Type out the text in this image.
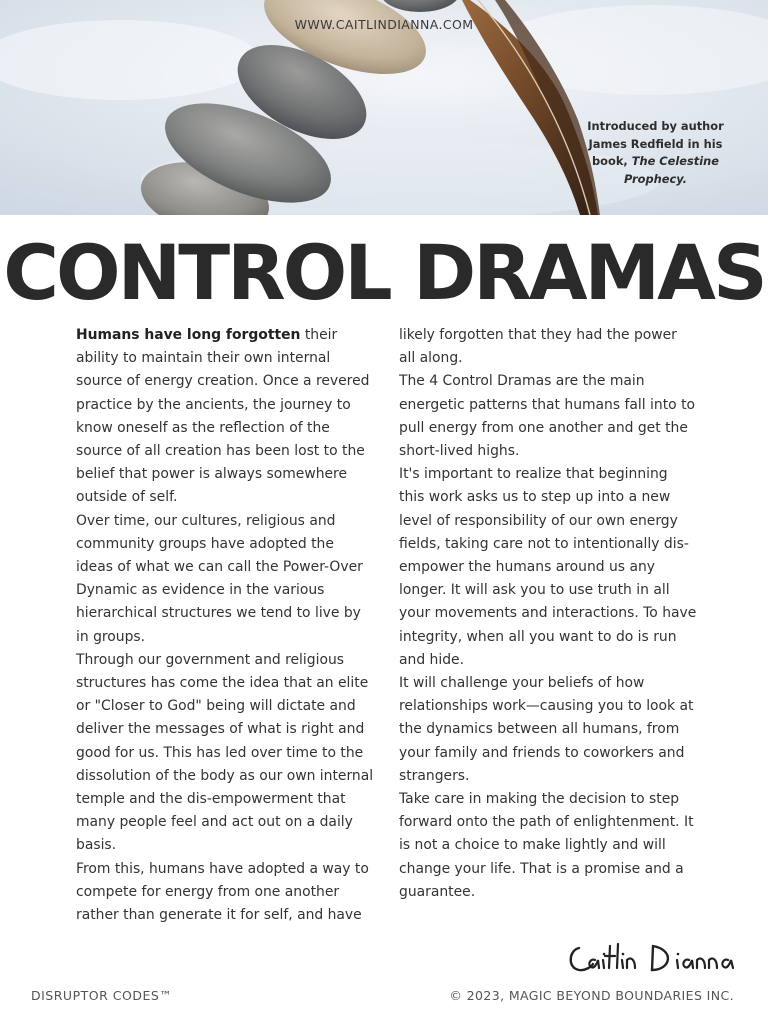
WWW.CAITLINDIANNA.COM
Introduced by author James Redfield in his book, The Celestine Prophecy.
CONTROL DRAMAS

Humans have long forgotten their ability to maintain their own internal source of energy creation. Once a revered practice by the ancients, the journey to know oneself as the reflection of the source of all creation has been lost to the belief that power is always somewhere outside of self.

Over time, our cultures, religious and community groups have adopted the ideas of what we can call the Power-Over Dynamic as evidence in the various hierarchical structures we tend to live by in groups.

Through our government and religious structures has come the idea that an elite or "Closer to God" being will dictate and deliver the messages of what is right and good for us. This has led over time to the dissolution of the body as our own internal temple and the dis-empowerment that many people feel and act out on a daily basis.

From this, humans have adopted a way to compete for energy from one another rather than generate it for self, and have

likely forgotten that they had the power all along.

The 4 Control Dramas are the main energetic patterns that humans fall into to pull energy from one another and get the short-lived highs.

It's important to realize that beginning this work asks us to step up into a new level of responsibility of our own energy fields, taking care not to intentionally dis-empower the humans around us any longer. It will ask you to use truth in all your movements and interactions. To have integrity, when all you want to do is run and hide.

It will challenge your beliefs of how relationships work—causing you to look at the dynamics between all humans, from your family and friends to coworkers and strangers.

Take care in making the decision to step forward onto the path of enlightenment. It is not a choice to make lightly and will change your life. That is a promise and a guarantee.

DISRUPTOR CODES™	© 2023, MAGIC BEYOND BOUNDARIES INC.
